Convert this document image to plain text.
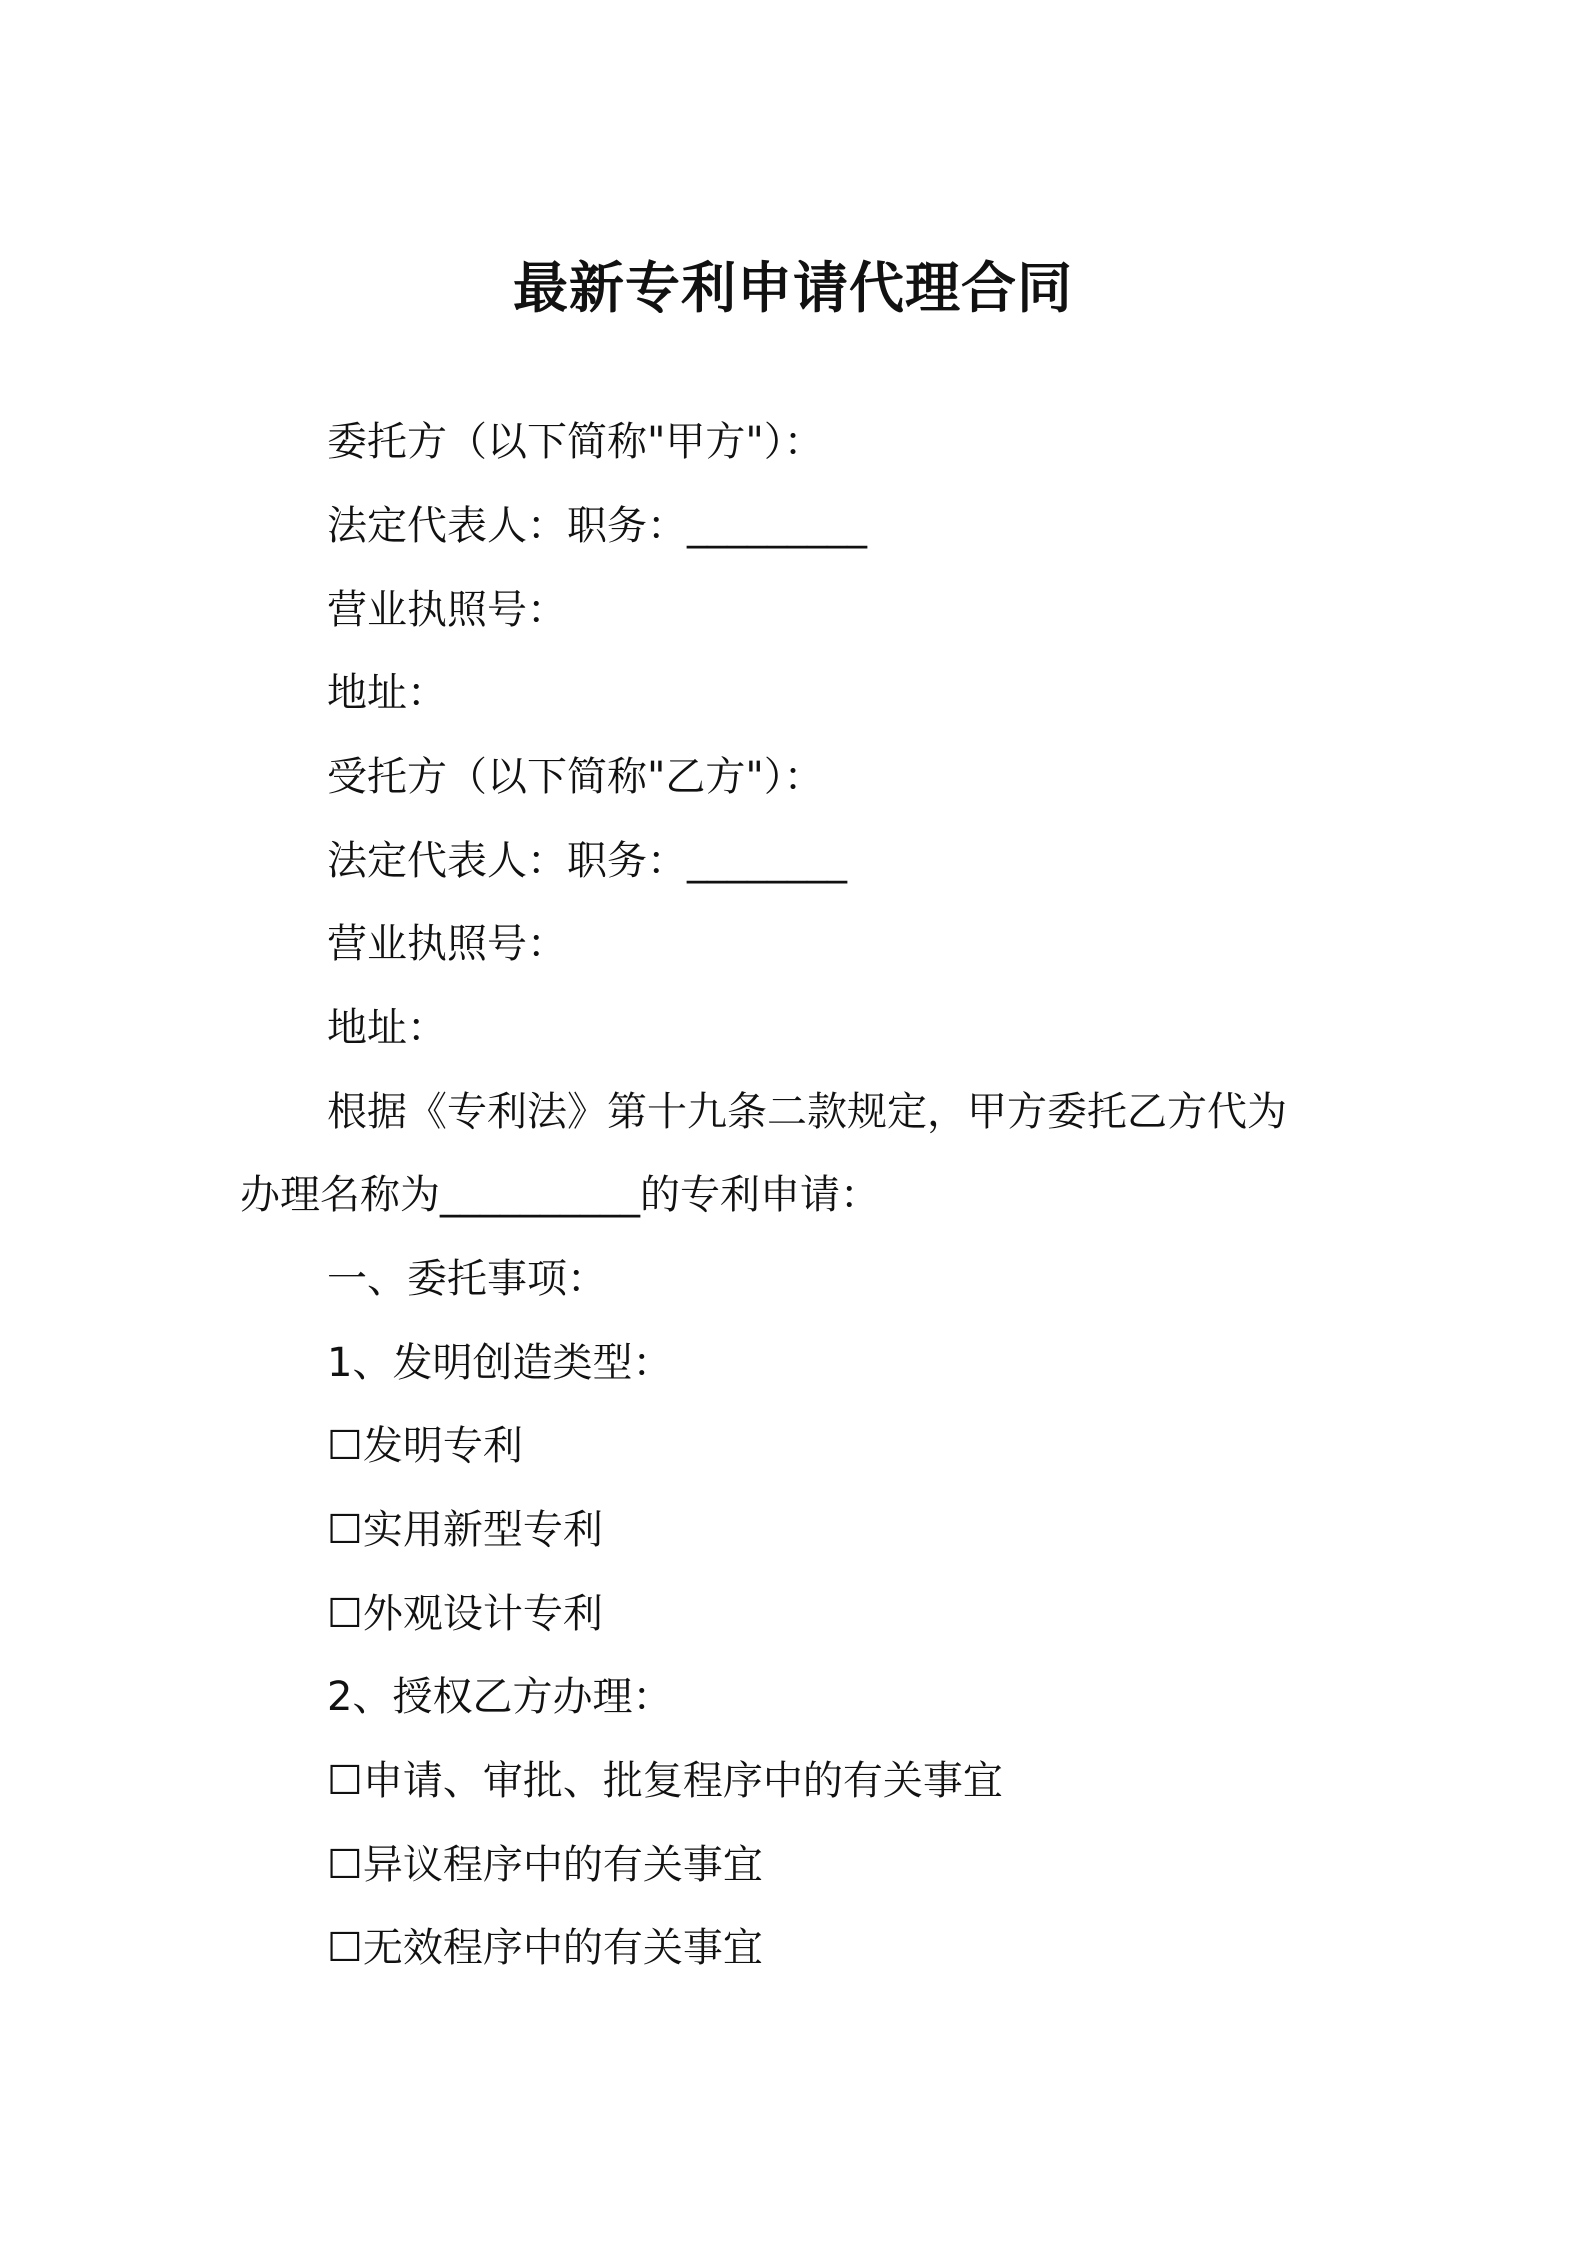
最新专利申请代理合同
委托方（以下简称"甲方"）：
法定代表人：职务：_________
营业执照号：
地址：
受托方（以下简称"乙方"）：
法定代表人：职务：________
营业执照号：
地址：
根据《专利法》第十九条二款规定，甲方委托乙方代为
办理名称为__________的专利申请：
一、委托事项：
1、发明创造类型：
☐发明专利
☐实用新型专利
☐外观设计专利
2、授权乙方办理：
☐申请、审批、批复程序中的有关事宜
☐异议程序中的有关事宜
☐无效程序中的有关事宜
